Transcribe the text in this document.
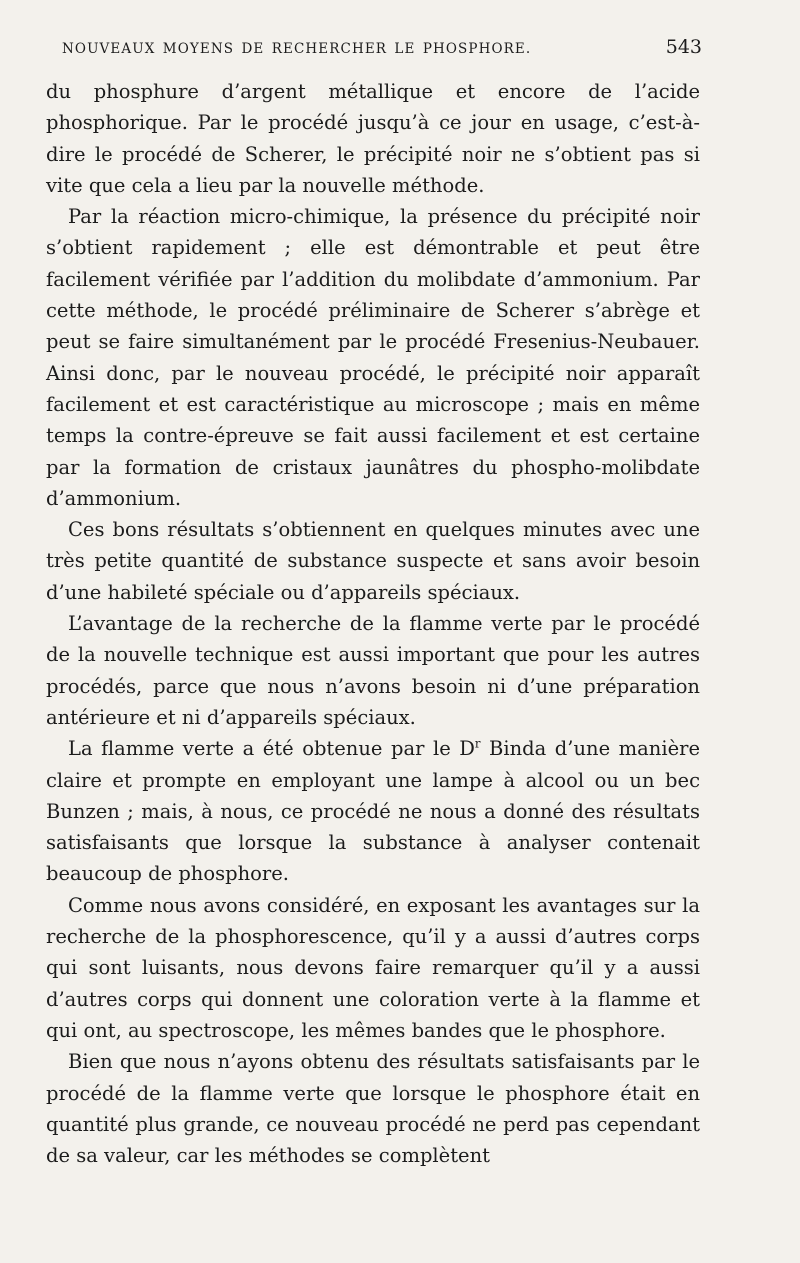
NOUVEAUX MOYENS DE RECHERCHER LE PHOSPHORE.	543

du phosphure d’argent métallique et encore de l’acide phosphorique. Par le procédé jusqu’à ce jour en usage, c’est-à-dire le procédé de Scherer, le précipité noir ne s’obtient pas si vite que cela a lieu par la nouvelle méthode.

Par la réaction micro-chimique, la présence du précipité noir s’obtient rapidement ; elle est démontrable et peut être facilement vérifiée par l’addition du molibdate d’ammonium. Par cette méthode, le procédé préliminaire de Scherer s’abrège et peut se faire simultanément par le procédé Fresenius-Neubauer. Ainsi donc, par le nouveau procédé, le précipité noir apparaît facilement et est caractéristique au microscope ; mais en même temps la contre-épreuve se fait aussi facilement et est certaine par la formation de cristaux jaunâtres du phospho-molibdate d’ammonium.

Ces bons résultats s’obtiennent en quelques minutes avec une très petite quantité de substance suspecte et sans avoir besoin d’une habileté spéciale ou d’appareils spéciaux.

L’avantage de la recherche de la flamme verte par le procédé de la nouvelle technique est aussi important que pour les autres procédés, parce que nous n’avons besoin ni d’une préparation antérieure et ni d’appareils spéciaux.

La flamme verte a été obtenue par le $D^r$ Binda d’une manière claire et prompte en employant une lampe à alcool ou un bec Bunzen ; mais, à nous, ce procédé ne nous a donné des résultats satisfaisants que lorsque la substance à analyser contenait beaucoup de phosphore.

Comme nous avons considéré, en exposant les avantages sur la recherche de la phosphorescence, qu’il y a aussi d’autres corps qui sont luisants, nous devons faire remarquer qu’il y a aussi d’autres corps qui donnent une coloration verte à la flamme et qui ont, au spectroscope, les mêmes bandes que le phosphore.

Bien que nous n’ayons obtenu des résultats satisfaisants par le procédé de la flamme verte que lorsque le phosphore était en quantité plus grande, ce nouveau procédé ne perd pas cependant de sa valeur, car les méthodes se complètent
